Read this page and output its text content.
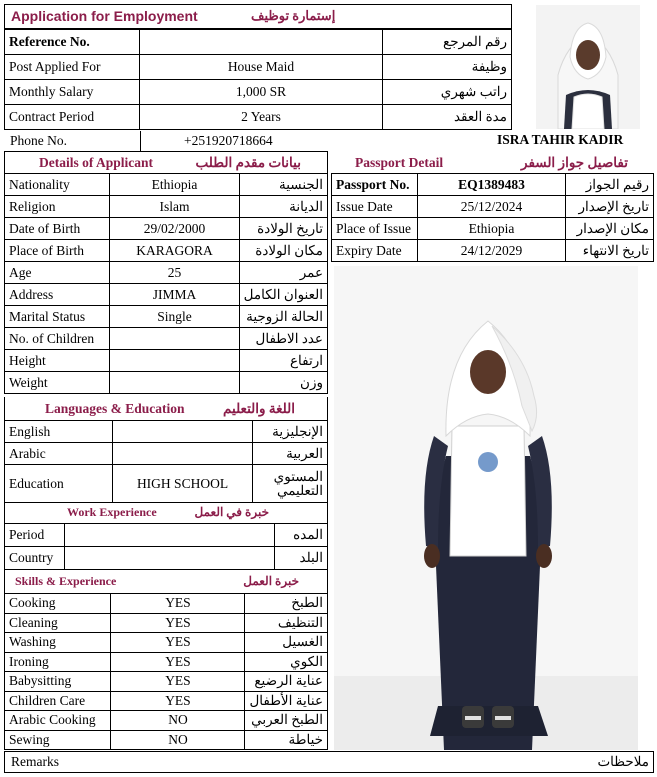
Application for Employment	إستمارة توظيف
Reference No.		رقم المرجع
Post Applied For	House Maid	وظيفة
Monthly Salary	1,000 SR	راتب شهري
Contract Period	2 Years	مدة العقد
Phone No.	+251920718664	ISRA TAHIR KADIR
Details of Applicant	بيانات مقدم الطلب
Nationality	Ethiopia	الجنسية
Religion	Islam	الديانة
Date of Birth	29/02/2000	تاريخ الولادة
Place of Birth	KARAGORA	مكان الولادة
Age	25	عمر
Address	JIMMA	العنوان الكامل
Marital Status	Single	الحالة الزوجية
No. of Children		عدد الاطفال
Height		ارتفاع
Weight		وزن
Languages & Education	اللغة والتعليم
English		الإنجليزية
Arabic		العربية
Education	HIGH SCHOOL	المستوي التعليمي
Work Experience	خبرة في العمل
Period		المده
Country		البلد
Skills & Experience	خبرة العمل
Cooking	YES	الطبخ
Cleaning	YES	التنظيف
Washing	YES	الغسيل
Ironing	YES	الكوي
Babysitting	YES	عناية الرضيع
Children Care	YES	عناية الأطفال
Arabic Cooking	NO	الطبخ العربي
Sewing	NO	خياطة
Remarks	ملاحظات
Passport Detail	تفاصيل جواز السفر
Passport No.	EQ1389483	رقيم الجواز
Issue Date	25/12/2024	تاريخ الإصدار
Place of Issue	Ethiopia	مكان الإصدار
Expiry Date	24/12/2029	تاريخ الانتهاء
